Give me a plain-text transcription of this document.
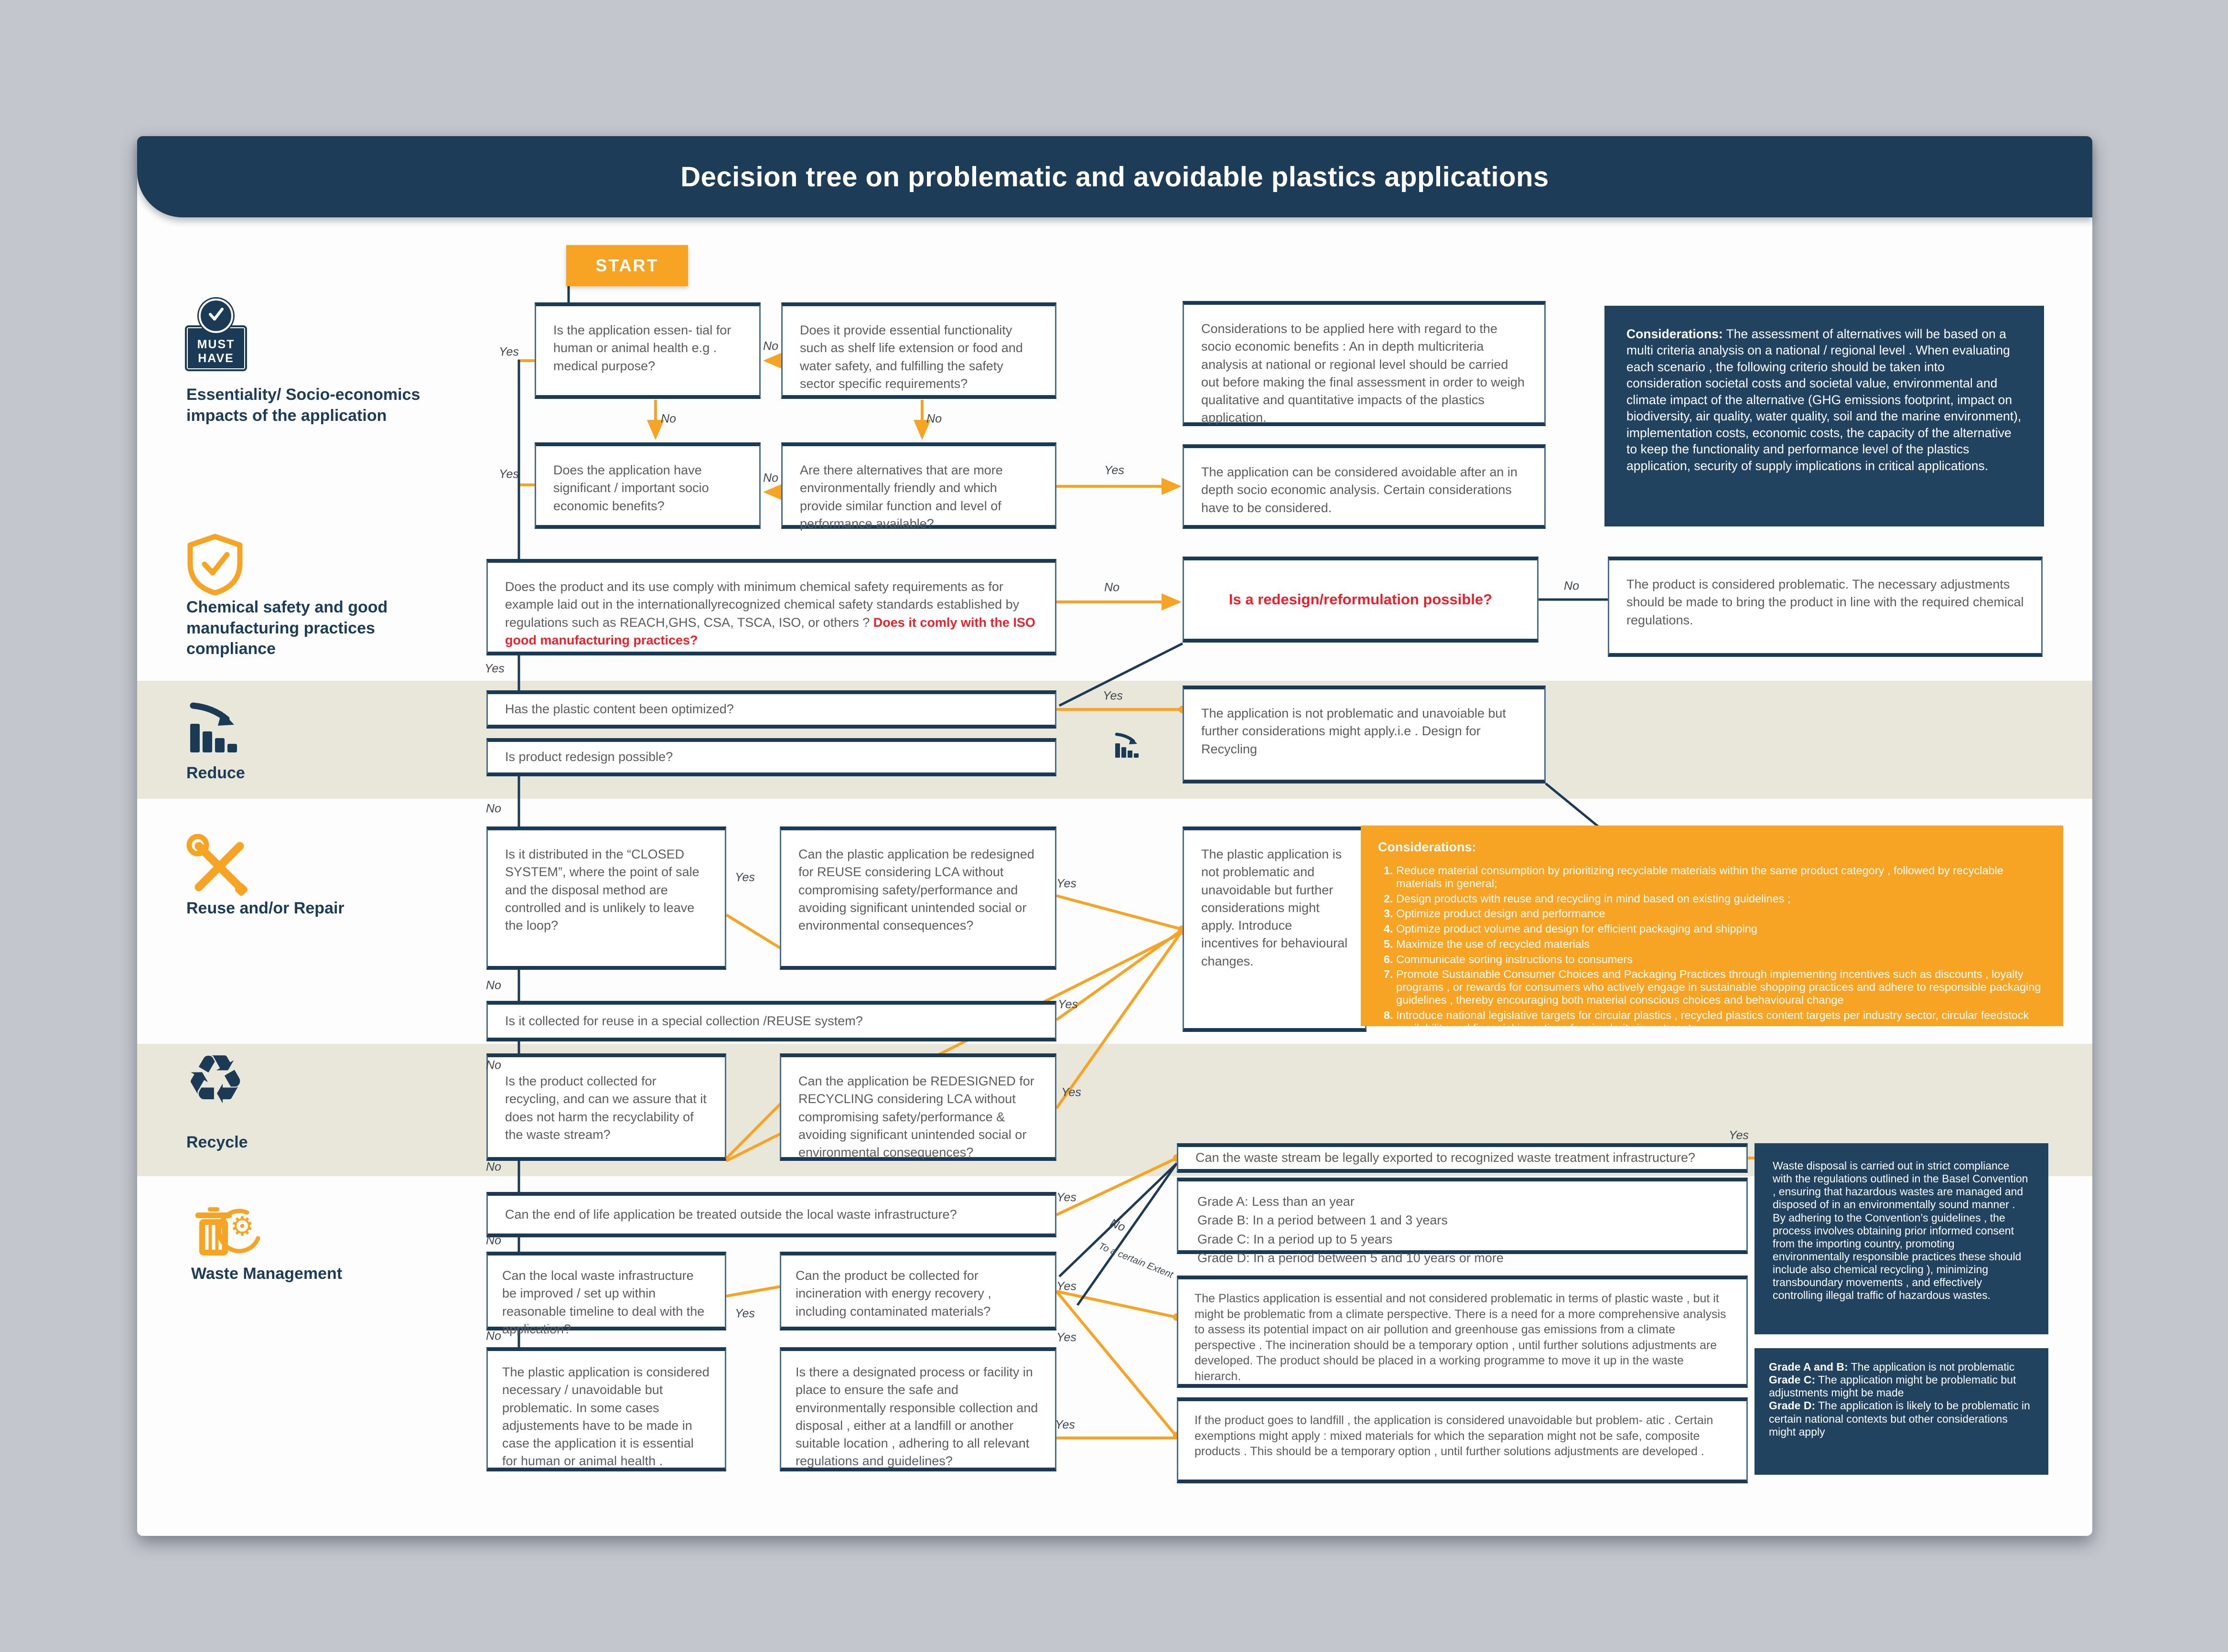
Decision tree on problematic and avoidable plastics applications
START
MUST
HAVE
Essentiality/ Socio-economics impacts of the application
Chemical safety and good manufacturing practices compliance
Reduce
Reuse and/or Repair
♻
Recycle
⚙
Waste Management
Is the application essen- tial for human or animal health e.g . medical purpose?
Does it provide essential functionality such as shelf life extension or food and water safety, and fulfilling the safety sector specific requirements?
Does the application have significant / important socio economic benefits?
Are there alternatives that are more environmentally friendly and which provide similar function and level of performance available?
Considerations to be applied here with regard to the socio economic benefits : An in depth multicriteria analysis at national or regional level should be carried out before making the final assessment in order to weigh qualitative and quantitative impacts of the plastics application.
Considerations: The assessment of alternatives will be based on a multi criteria analysis on a national / regional level . When evaluating each scenario , the following criterio should be taken into consideration societal costs and societal value, environmental and climate impact of the alternative (GHG emissions footprint, impact on biodiversity, air quality, water quality, soil and the marine environment), implementation costs, economic costs, the capacity of the alternative to keep the functionality and performance level of the plastics application, security of supply implications in critical applications.
The application can be considered avoidable after an in depth socio economic analysis. Certain considerations have to be considered.
Does the product and its use comply with minimum chemical safety requirements as for example laid out in the internationallyrecognized chemical safety standards established by regulations such as REACH,GHS, CSA, TSCA, ISO, or others ? Does it comly with the ISO good manufacturing practices?
Is a redesign/reformulation possible?
The product is considered problematic. The necessary adjustments should be made to bring the product in line with the required chemical regulations.
Has the plastic content been optimized?
Is product redesign possible?
The application is not problematic and unavoiable but further considerations might apply.i.e . Design for Recycling
Is it distributed in the “CLOSED SYSTEM”, where the point of sale and the disposal method are controlled and is unlikely to leave the loop?
Can the plastic application be redesigned for REUSE considering LCA without compromising safety/performance and avoiding significant unintended social or environmental consequences?
Is it collected for reuse in a special collection /REUSE system?
The plastic application is not problematic and unavoidable but further considerations might apply. Introduce incentives for behavioural changes.
Considerations:
1. Reduce material consumption by prioritizing recyclable materials within the same product category , followed by recyclable materials in general;
2. Design products with reuse and recycling in mind based on existing guidelines ;
3. Optimize product design and performance
4. Optimize product volume and design for efficient packaging and shipping
5. Maximize the use of recycled materials
6. Communicate sorting instructions to consumers
7. Promote Sustainable Consumer Choices and Packaging Practices through implementing incentives such as discounts , loyalty programs , or rewards for consumers who actively engage in sustainable shopping practices and adhere to responsible packaging guidelines , thereby encouraging both material conscious choices and behavioural change
8. Introduce national legislative targets for circular plastics , recycled plastics content targets per industry sector, circular feedstock availability and financial incentives for circularity investments
Is the product collected for recycling, and can we assure that it does not harm the recyclability of the waste stream?
Can the application be REDESIGNED for RECYCLING considering LCA without compromising safety/performance & avoiding significant unintended social or environmental consequences?
Can the end of life application be treated outside the local waste infrastructure?
Can the local waste infrastructure be improved / set up within reasonable timeline to deal with the application?
Can the product be collected for incineration with energy recovery , including contaminated materials?
The plastic application is considered necessary / unavoidable but problematic. In some cases adjustements have to be made in case the application it is essential for human or animal health .
Is there a designated process or facility in place to ensure the safe and environmentally responsible collection and disposal , either at a landfill or another suitable location , adhering to all relevant regulations and guidelines?
Can the waste stream be legally exported to recognized waste treatment infrastructure?
Grade A: Less than an year
Grade B: In a period between 1 and 3 years
Grade C: In a period up to 5 years
Grade D: In a period between 5 and 10 years or more
The Plastics application is essential and not considered problematic in terms of plastic waste , but it might be problematic from a climate perspective. There is a need for a more comprehensive analysis to assess its potential impact on air pollution and greenhouse gas emissions from a climate perspective . The incineration should be a temporary option , until further solutions adjustments are developed. The product should be placed in a working programme to move it up in the waste hierarch.
If the product goes to landfill , the application is considered unavoidable but problem- atic . Certain exemptions might apply : mixed materials for which the separation might not be safe, composite products . This should be a temporary option , until further solutions adjustments are developed .
Waste disposal is carried out in strict compliance with the regulations outlined in the Basel Convention , ensuring that hazardous wastes are managed and disposed of in an environmentally sound manner . By adhering to the Convention’s guidelines , the process involves obtaining prior informed consent from the importing country, promoting environmentally responsible practices these should include also chemical recycling ), minimizing transboundary movements , and effectively controlling illegal traffic of hazardous wastes.
Grade A and B: The application is not problematic
Grade C: The application might be problematic but adjustments might be made
Grade D: The application is likely to be problematic in certain national contexts but other considerations might apply
Yes	No
No	No
Yes	No
Yes
No	No
Yes
Yes
No
Yes
No
Yes
Yes
No
Yes
No
Yes
No
No
To a certain Extent
Yes
Yes
Yes
No
Yes
Yes
